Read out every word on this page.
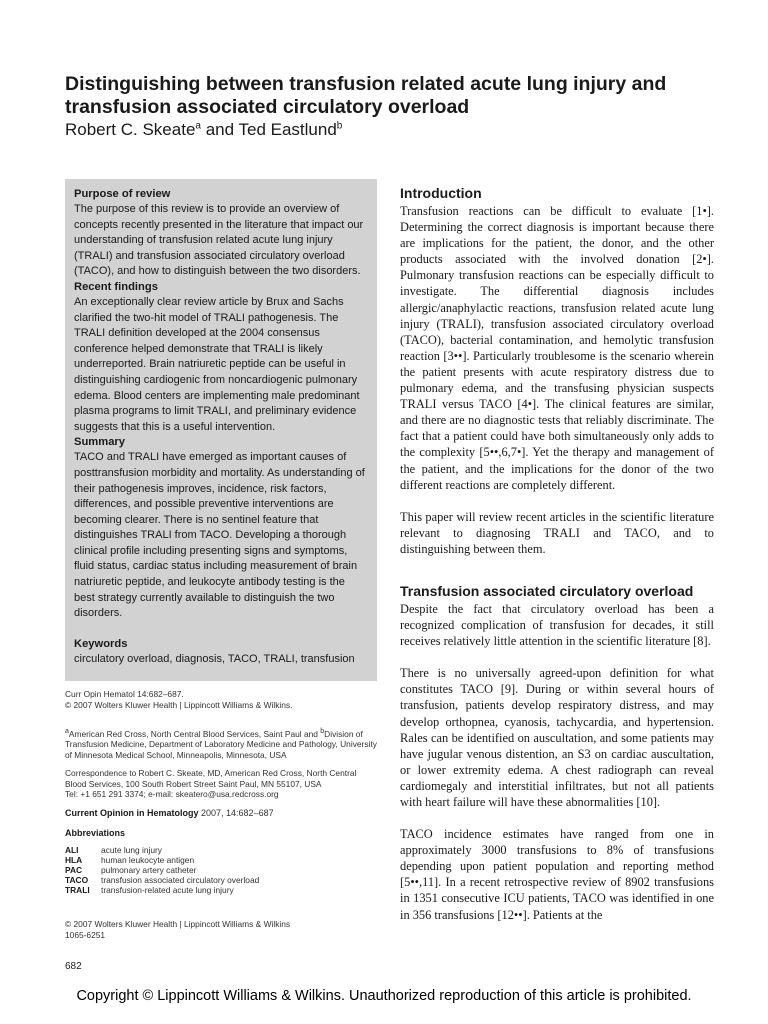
Distinguishing between transfusion related acute lung injury and transfusion associated circulatory overload
Robert C. Skeate$^a$ and Ted Eastlund$^b$
Purpose of review

The purpose of this review is to provide an overview of concepts recently presented in the literature that impact our understanding of transfusion related acute lung injury (TRALI) and transfusion associated circulatory overload (TACO), and how to distinguish between the two disorders.

Recent findings

An exceptionally clear review article by Brux and Sachs clarified the two-hit model of TRALI pathogenesis. The TRALI definition developed at the 2004 consensus conference helped demonstrate that TRALI is likely underreported. Brain natriuretic peptide can be useful in distinguishing cardiogenic from noncardiogenic pulmonary edema. Blood centers are implementing male predominant plasma programs to limit TRALI, and preliminary evidence suggests that this is a useful intervention.

Summary

TACO and TRALI have emerged as important causes of posttransfusion morbidity and mortality. As understanding of their pathogenesis improves, incidence, risk factors, differences, and possible preventive interventions are becoming clearer. There is no sentinel feature that distinguishes TRALI from TACO. Developing a thorough clinical profile including presenting signs and symptoms, fluid status, cardiac status including measurement of brain natriuretic peptide, and leukocyte antibody testing is the best strategy currently available to distinguish the two disorders.

Keywords

circulatory overload, diagnosis, TACO, TRALI, transfusion

Curr Opin Hematol 14:682–687.
© 2007 Wolters Kluwer Health | Lippincott Williams & Wilkins.
$^a$American Red Cross, North Central Blood Services, Saint Paul and $^b$Division of Transfusion Medicine, Department of Laboratory Medicine and Pathology, University of Minnesota Medical School, Minneapolis, Minnesota, USA
Correspondence to Robert C. Skeate, MD, American Red Cross, North Central Blood Services, 100 South Robert Street Saint Paul, MN 55107, USA
Tel: +1 651 291 3374; e-mail: skeatero@usa.redcross.org
Current Opinion in Hematology 2007, 14:682–687
Abbreviations
ALI	acute lung injury
HLA	human leukocyte antigen
PAC	pulmonary artery catheter
TACO	transfusion associated circulatory overload
TRALI	transfusion-related acute lung injury
© 2007 Wolters Kluwer Health | Lippincott Williams & Wilkins
1065-6251
Introduction

Transfusion reactions can be difficult to evaluate [1•]. Determining the correct diagnosis is important because there are implications for the patient, the donor, and the other products associated with the involved donation [2•]. Pulmonary transfusion reactions can be especially difficult to investigate. The differential diagnosis includes allergic/anaphylactic reactions, transfusion related acute lung injury (TRALI), transfusion associated circulatory overload (TACO), bacterial contamination, and hemolytic transfusion reaction [3••]. Particularly troublesome is the scenario wherein the patient presents with acute respiratory distress due to pulmonary edema, and the transfusing physician suspects TRALI versus TACO [4•]. The clinical features are similar, and there are no diagnostic tests that reliably discriminate. The fact that a patient could have both simultaneously only adds to the complexity [5••,6,7•]. Yet the therapy and management of the patient, and the implications for the donor of the two different reactions are completely different.

This paper will review recent articles in the scientific literature relevant to diagnosing TRALI and TACO, and to distinguishing between them.

Transfusion associated circulatory overload

Despite the fact that circulatory overload has been a recognized complication of transfusion for decades, it still receives relatively little attention in the scientific literature [8].

There is no universally agreed-upon definition for what constitutes TACO [9]. During or within several hours of transfusion, patients develop respiratory distress, and may develop orthopnea, cyanosis, tachycardia, and hypertension. Rales can be identified on auscultation, and some patients may have jugular venous distention, an S3 on cardiac auscultation, or lower extremity edema. A chest radiograph can reveal cardiomegaly and interstitial infiltrates, but not all patients with heart failure will have these abnormalities [10].

TACO incidence estimates have ranged from one in approximately 3000 transfusions to 8% of transfusions depending upon patient population and reporting method [5••,11]. In a recent retrospective review of 8902 transfusions in 1351 consecutive ICU patients, TACO was identified in one in 356 transfusions [12••]. Patients at the

682
Copyright © Lippincott Williams & Wilkins. Unauthorized reproduction of this article is prohibited.
